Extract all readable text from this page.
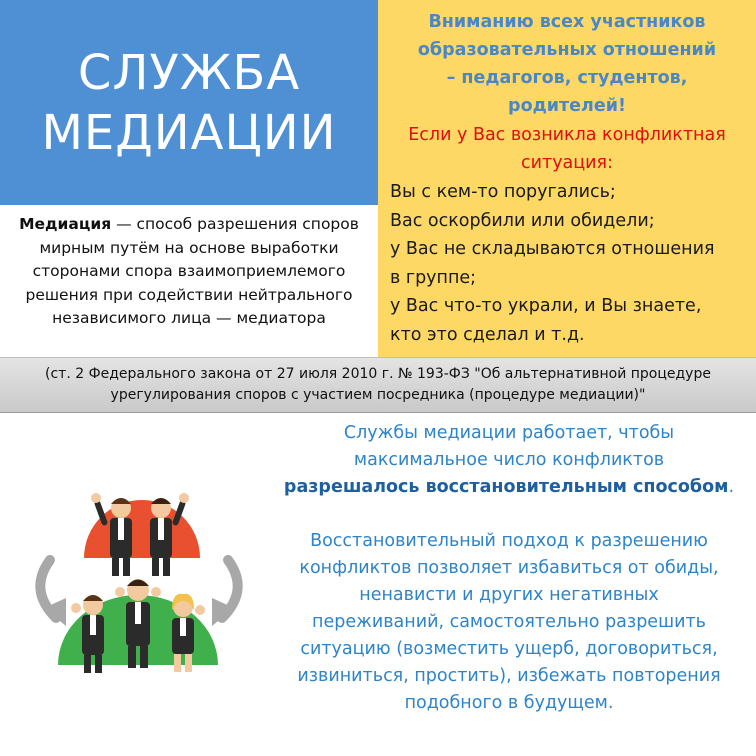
СЛУЖБА
МЕДИАЦИИ
Медиация — способ разрешения споров мирным путём на основе выработки сторонами спора взаимоприемлемого решения при содействии нейтрального независимого лица — медиатора
Вниманию всех участников
образовательных отношений
– педагогов, студентов,
родителей!
Если у Вас возникла конфликтная
ситуация:
Вы с кем-то поругались;
Вас оскорбили или обидели;
у Вас не складываются отношения
в группе;
у Вас что-то украли, и Вы знаете,
кто это сделал и т.д.
(ст. 2 Федерального закона от 27 июля 2010 г. № 193-ФЗ "Об альтернативной процедуре
урегулирования споров с участием посредника (процедуре медиации)"
Службы медиации работает, чтобы
максимальное число конфликтов
разрешалось восстановительным способом.
Восстановительный подход к разрешению
конфликтов позволяет избавиться от обиды,
ненависти и других негативных
переживаний, самостоятельно разрешить
ситуацию (возместить ущерб, договориться,
извиниться, простить), избежать повторения
подобного в будущем.
